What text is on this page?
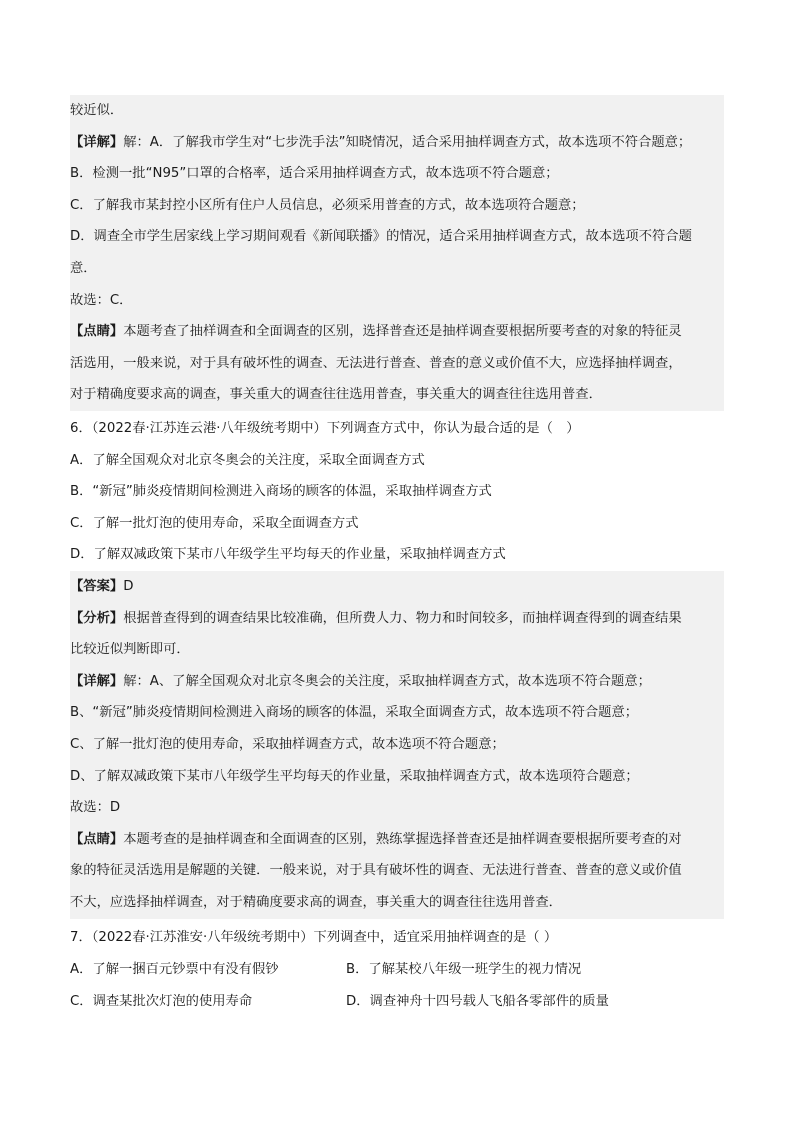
较近似．
【详解】解：A．了解我市学生对“七步洗手法”知晓情况，适合采用抽样调查方式，故本选项不符合题意；
B．检测一批“N95”口罩的合格率，适合采用抽样调查方式，故本选项不符合题意；
C．了解我市某封控小区所有住户人员信息，必须采用普查的方式，故本选项符合题意；
D．调查全市学生居家线上学习期间观看《新闻联播》的情况，适合采用抽样调查方式，故本选项不符合题
意．
故选：C．
【点睛】本题考查了抽样调查和全面调查的区别，选择普查还是抽样调查要根据所要考查的对象的特征灵
活选用，一般来说，对于具有破坏性的调查、无法进行普查、普查的意义或价值不大，应选择抽样调查，
对于精确度要求高的调查，事关重大的调查往往选用普查，事关重大的调查往往选用普查．
6．（2022春·江苏连云港·八年级统考期中）下列调查方式中，你认为最合适的是（　）
A．了解全国观众对北京冬奥会的关注度，采取全面调查方式
B．“新冠”肺炎疫情期间检测进入商场的顾客的体温，采取抽样调查方式
C．了解一批灯泡的使用寿命，采取全面调查方式
D．了解双减政策下某市八年级学生平均每天的作业量，采取抽样调查方式
【答案】D
【分析】根据普查得到的调查结果比较准确，但所费人力、物力和时间较多，而抽样调查得到的调查结果
比较近似判断即可．
【详解】解：A、了解全国观众对北京冬奥会的关注度，采取抽样调查方式，故本选项不符合题意；
B、“新冠”肺炎疫情期间检测进入商场的顾客的体温，采取全面调查方式，故本选项不符合题意；
C、了解一批灯泡的使用寿命，采取抽样调查方式，故本选项不符合题意；
D、了解双减政策下某市八年级学生平均每天的作业量，采取抽样调查方式，故本选项符合题意；
故选：D
【点睛】本题考查的是抽样调查和全面调查的区别，熟练掌握选择普查还是抽样调查要根据所要考查的对
象的特征灵活选用是解题的关键．一般来说，对于具有破坏性的调查、无法进行普查、普查的意义或价值
不大，应选择抽样调查，对于精确度要求高的调查，事关重大的调查往往选用普查．
7．（2022春·江苏淮安·八年级统考期中）下列调查中，适宜采用抽样调查的是（ ）
A．了解一捆百元钞票中有没有假钞	B．了解某校八年级一班学生的视力情况
C．调查某批次灯泡的使用寿命	D．调查神舟十四号载人飞船各零部件的质量
